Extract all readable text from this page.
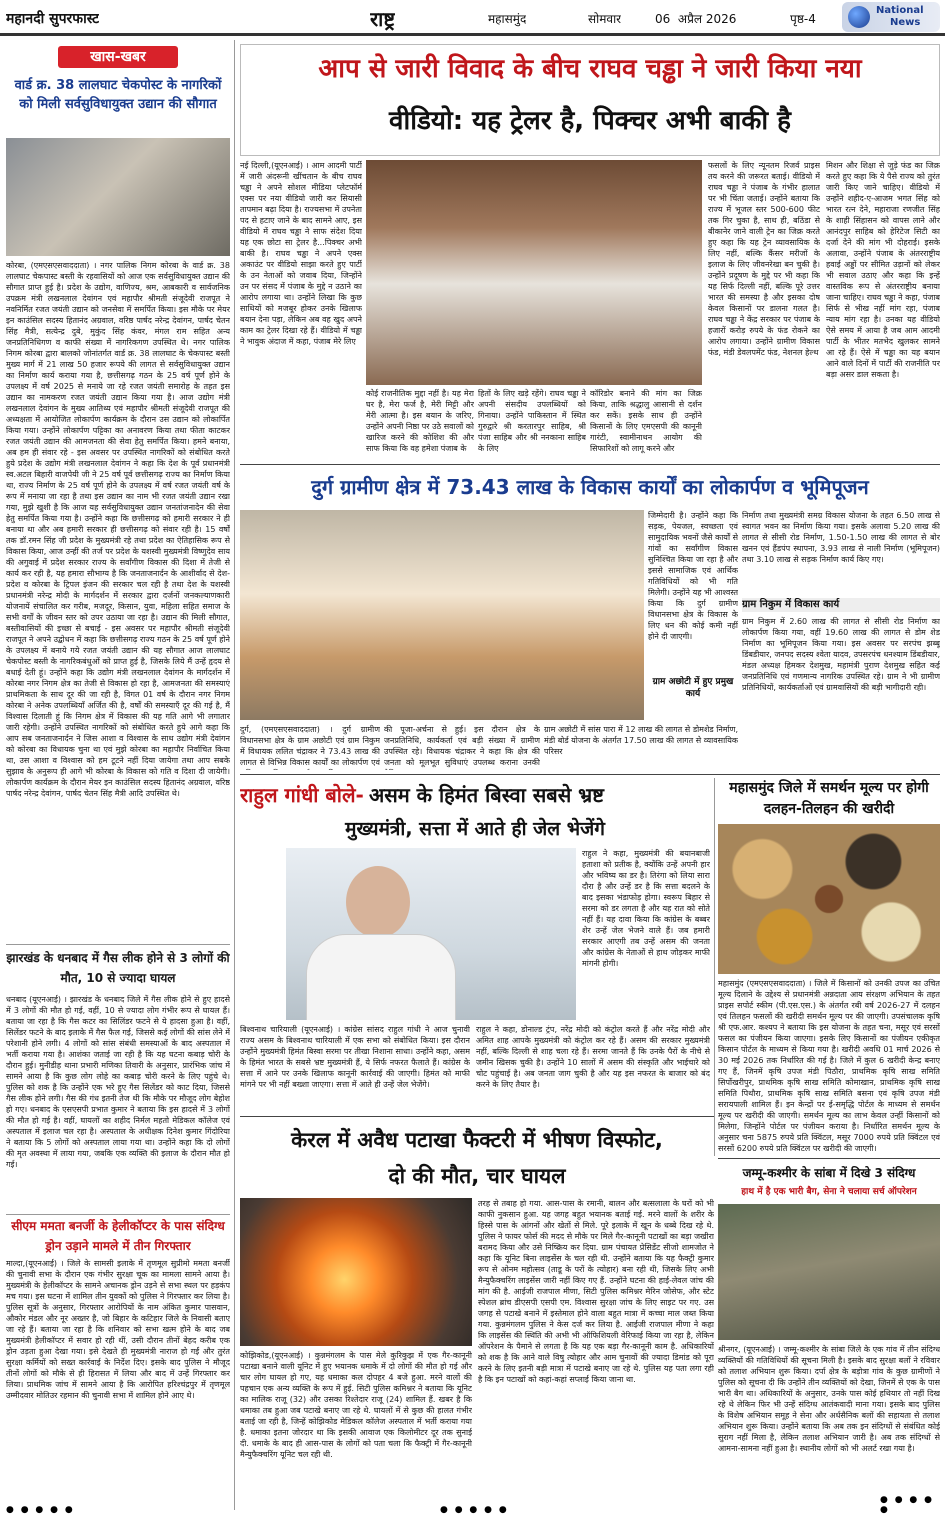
महानदी सुपरफास्ट	राष्ट्र	महासमुंद	सोमवार	06  अप्रैल 2026	पृष्ठ-4
National
News
खास-खबर
वार्ड क्र. 38 लालघाट चेकपोस्ट के नागरिकों को मिली सर्वसुविधायुक्त उद्यान की सौगात
कोरबा, (एमएसएसवाददाता) । नगर पालिक निगम कोरबा के वार्ड क्र. 38 लालघाट चेकपास्ट बस्ती के रहवासियों को आज एक सर्वसुविधायुक्त उद्यान की सौगात प्राप्त हुई है। प्रदेश के उद्योग, वाणिज्य, श्रम, आबकारी व सार्वजनिक उपक्रम मंत्री लखनलाल देवांगन एवं महापौर श्रीमती संजूदेवी राजपूत ने नवनिर्मित रजत जयंती उद्यान को जनसेवा में समर्पित किया। इस मौके पर मेयर इन काउंसिल सदस्य हितानंद अग्रवाल, वरिष्ठ पार्षद नरेन्द्र देवांगन, पार्षद चेतन सिंह मैत्री, सत्येन्द्र दुबे, मुकुंद सिंह कंवर, मंगल राम सहित अन्य जनप्रतिनिधिगण व काफी संख्या में नागरिकगण उपस्थित थे। नगर पालिक निगम कोरबा द्वारा बालको जोनांतर्गत वार्ड क्र. 38 लालघाट के चेकपास्ट बस्ती मुख्य मार्ग में 21 लाख 50 हजार रूपये की लागत से सर्वसुविधायुक्त उद्यान का निर्माण कार्य कराया गया है, छत्तीसगढ़ गठन के 25 वर्ष पूर्ण होने के उपलक्ष्य में वर्ष 2025 से मनाये जा रहे रजत जयंती समारोह के तहत इस उद्यान का नामकरण रजत जयंती उद्यान किया गया है। आज उद्योग मंत्री लखनलाल देवांगन के मुख्य आतिथ्य एवं महापौर श्रीमती संजूदेवी राजपूत की अध्यक्षता में आयोजित लोकार्पण कार्यक्रम के दौरान उस उद्यान को लोकार्पित किया गया। उन्होंने लोकार्पण पट्टिका का अनावरण किया तथा फीता काटकर रजत जयंती उद्यान की आमजनता की सेवा हेतु समर्पित किया। हमने बनाया, अब हम ही संवार रहे - इस अवसर पर उपस्थित नागरिकों को संबोधित करते हुये प्रदेश के उद्योग मंत्री लखनलाल देवांगन ने कहा कि देश के पूर्व प्रधानमंत्री स्व.अटल बिहारी वाजपेयी जी ने 25 वर्ष पूर्व छत्तीसगढ़ राज्य का निर्माण किया था, राज्य निर्माण के 25 वर्ष पूर्ण होने के उपलक्ष्य में वर्ष रजत जयंती वर्ष के रूप में मनाया जा रहा है तथा इस उद्यान का नाम भी रजत जयंती उद्यान रखा गया, मुझे खुशी है कि आज यह सर्वसुविधायुक्त उद्यान जनतांजनादेन की सेवा हेतु समर्पित किया गया है। उन्होंने कहा कि छत्तीसगढ़ को हमारी सरकार ने ही बनाया था और अब हमारी सरकार ही छत्तीसगढ़ को संवार रही है। 15 वर्षों तक डॉ.रमन सिंह जी प्रदेश के मुख्यमंत्री रहे तथा प्रदेश का ऐतिहासिक रूप से विकास किया, आज उन्हीं की तर्ज पर प्रदेश के यशस्वी मुख्यमंत्री विष्णुदेव साय की अगुवाई में प्रदेश सरकार राज्य के सर्वांगीण विकास की दिशा में तेजी से कार्य कर रही है, यह हमारा सौभाग्य है कि जनताजनार्दन के आशीर्वाद से देश-प्रदेश व कोरबा के ट्रिपल इंजन की सरकार चल रही है तथा देश के यशस्वी प्रधानमंत्री नरेन्द्र मोदी के मार्गदर्शन में सरकार द्वारा दर्जनों जनकल्याणकारी योजनायें संचालित कर गरीब, मजदूर, किसान, युवा, महिला सहित समाज के सभी वर्गों के जीवन स्तर को उपर उठाया जा रहा है। उद्यान की मिली सौगात, बस्तीवासियों की इच्छा से बचाई - इस अवसर पर महापौर श्रीमती संजूदेवी राजपूत ने अपने उद्बोधन में कहा कि छत्तीसगढ़ राज्य गठन के 25 वर्ष पूर्ण होने के उपलक्ष्य में बनाये गये रजत जयंती उद्यान की यह सौगात आज लालघाट चेकपोस्ट बस्ती के नागरिकबंधुओं को प्राप्त हुई है, जिसके लिये मैं उन्हें हृदय से बधाई देती हूं। उन्होंने कहा कि उद्योग मंत्री लखनलाल देवांगन के मार्गदर्शन में कोरबा नगर निगम क्षेत्र का तेजी से विकास हो रहा है, आमजनता की समस्याएं प्राथमिकता के साथ दूर की जा रही है, विगत 01 वर्ष के दौरान नगर निगम कोरबा ने अनेक उपलब्धियाँ अर्जित की है, वर्षों की समस्याएँ दूर की गई है, मैं विश्वास दिलाती हूं कि निगम क्षेत्र में विकास की यह गति आगे भी लगातार जारी रहेगी। उन्होंने उपस्थित नागरिकों को संबोधित करते हुये आगे कहा कि आप सब जनताजनार्दन ने जिस आशा व विश्वास के साथ उद्योग मंत्री देवांगन को कोरबा का विधायक चुना था एवं मुझे कोरबा का महापौर निर्वाचित किया था, उस आशा व विश्वास को हम टूटने नहीं दिया जायेगा तथा आप सबके सुझाव के अनुरूप ही आगे भी कोरबा के विकास को गति व दिशा दी जायेगी। लोकार्पण कार्यक्रम के दौरान मेयर इन काउंसिल सदस्य हितानंद अग्रवाल, वरिष्ठ पार्षद नरेन्द्र देवांगन, पार्षद चेतन सिंह मैत्री आदि उपस्थित थे।
झारखंड के धनबाद में गैस लीक होने से 3 लोगों की मौत, 10 से ज्यादा घायल
धनबाद (यूएनआई) । झारखंड के धनबाद जिले में गैस लीक होने से हुए हादसे में 3 लोगों की मौत हो गई, वहीं, 10 से ज्यादा लोग गंभीर रूप से घायल हैं। बताया जा रहा है कि गैस कटर का सिलिंडर फटने से ये हादसा हुआ है। वहीं, सिलेंडर फटने के बाद इलाके में गैस फैल गई, जिससे कई लोगों की सांस लेने में परेशानी होने लगी। 4 लोगों को सांस संबंधी समस्याओं के बाद अस्पताल में भर्ती कराया गया है। आशंका जताई जा रही है कि यह घटना कबाड़ चोरी के दौरान हुई। मुनीडीह थाना प्रभारी मणिका तिवारी के अनुसार, प्रारंभिक जांच में सामने आया है कि कुछ लोग लोहे का कबाड़ चोरी करने के लिए पहुंचे थे। पुलिस को शक है कि उन्होंने एक भरे हुए गैस सिलेंडर को काट दिया, जिससे गैस लीक होने लगी। गैस की गंध इतनी तेज थी कि मौके पर मौजूद लोग बेहोश हो गए। धनबाद के एसएसपी प्रभात कुमार ने बताया कि इस हादसे में 3 लोगों की मौत हो गई है। वहीं, घायलों का शहीद निर्मल महतो मेडिकल कॉलेज एवं अस्पताल में इलाज चल रहा है। अस्पताल के अधीक्षक दिनेश कुमार गिंदोरिया ने बताया कि 5 लोगों को अस्पताल लाया गया था। उन्होंने कहा कि दो लोगों की मृत अवस्था में लाया गया, जबकि एक व्यक्ति की इलाज के दौरान मौत हो गई।
सीएम ममता बनर्जी के हेलीकॉप्टर के पास संदिग्ध ड्रोन उड़ाने मामले में तीन गिरफ्तार
माल्दा,(यूएनआई) । जिले के सामसी इलाके में तृणमूल सुप्रीमो ममता बनर्जी की चुनावी सभा के दौरान एक गंभीर सुरक्षा चूक का मामला सामने आया है। मुख्यमंत्री के हेलीकॉप्टर के सामने अचानक ड्रोन उड़ने से सभा स्थल पर हड़कंप मच गया। इस घटना में शामिल तीन युवकों को पुलिस ने गिरफ्तार कर लिया है। पुलिस सूत्रों के अनुसार, गिरफ्तार आरोपियों के नाम अंकित कुमार पासवान, औकोर मंडल और नूर अख्तर है, जो बिहार के कटिहार जिले के निवासी बताए जा रहे हैं। बताया जा रहा है कि शनिवार को सभा खत्म होने के बाद जब मुख्यमंत्री हेलीकॉप्टर में सवार हो रही थीं, उसी दौरान तीनों बेहद करीब एक ड्रोन उड़ता हुआ देखा गया। इसे देखते ही मुख्यमंत्री नाराज हो गईं और तुरंत सुरक्षा कर्मियों को सख्त कार्रवाई के निर्देश दिए। इसके बाद पुलिस ने मौजूद तीनों लोगों को मौके से ही हिरासत में लिया और बाद में उन्हें गिरफ्तार कर लिया। प्राथमिक जांच में सामने आया है कि आरोपित हरिश्चंद्रपुर में तृणमूल उम्मीदवार मोतिउर रहमान की चुनावी सभा में शामिल होने आए थे।
आप से जारी विवाद के बीच राघव चड्ढा ने जारी किया नया
वीडियो: यह ट्रेलर है, पिक्चर अभी बाकी है
नई दिल्ली,(यूएनआई) । आम आदमी पार्टी में जारी अंदरूनी खींचतान के बीच राघव चड्ढा ने अपने सोशल मीडिया प्लेटफॉर्म एक्स पर नया वीडियो जारी कर सियासी तापमान बढ़ा दिया है। राज्यसभा में उपनेता पद से हटाए जाने के बाद सामने आए, इस वीडियो में राघव चड्ढा ने साफ संदेश दिया यह एक छोटा सा ट्रेलर है...पिक्चर अभी बाकी है। राघव चड्ढा ने अपने एक्स अकाउंट पर वीडियो साझा करते हुए पार्टी के उन नेताओं को जवाब दिया, जिन्होंने उन पर संसद में पंजाब के मुद्दे न उठाने का आरोप लगाया था। उन्होंने लिखा कि कुछ साथियों को मजबूर होकर उनके खिलाफ बयान देना पड़ा, लेकिन अब वह खुद अपने काम का ट्रेलर दिखा रहे हैं। वीडियो में चड्ढा ने भावुक अंदाज में कहा, पंजाब मेरे लिए
कोई राजनीतिक मुद्दा नहीं है। यह मेरा घर है, मेरा फर्ज है, मेरी मिट्टी और मेरी आत्मा है। इस बयान के जरिए, उन्होंने अपनी निष्ठा पर उठे सवालों को खारिज करने की कोशिश की और साफ किया कि वह हमेशा पंजाब के
हितों के लिए खड़े रहेंगे। राघव चड्ढा ने अपनी संसदीय उपलब्धियों को गिनाया। उन्होंने पाकिस्तान में स्थित गुरुद्वारे श्री करतारपुर साहिब, श्री पंजा साहिब और श्री ननकाना साहिब के लिए
कॉरिडोर बनाने की मांग का जिक्र किया, ताकि श्रद्धालु आसानी से दर्शन कर सकें। इसके साथ ही उन्होंने किसानों के लिए एमएसपी की कानूनी गारंटी, स्वामीनाथन आयोग की सिफारिशों को लागू करने और
फसलों के लिए न्यूनतम रिजर्व प्राइस तय करने की जरूरत बताई। वीडियो में राघव चड्ढा ने पंजाब के गंभीर हालात पर भी चिंता जताई। उन्होंने बताया कि राज्य में भूजल स्तर 500-600 फीट तक गिर चुका है, साथ ही, बठिंडा से बीकानेर जाने वाली ट्रेन का जिक्र करते हुए कहा कि यह ट्रेन व्यावसायिक के लिए नहीं, बल्कि कैंसर मरीजों के इलाज के लिए जीवनरेखा बन चुकी है। उन्होंने प्रदूषण के मुद्दे पर भी कहा कि यह सिर्फ दिल्ली नहीं, बल्कि पूरे उत्तर भारत की समस्या है और इसका दोष केवल किसानों पर डालना गलत है। राघव चड्ढा ने केंद्र सरकार पर पंजाब के हजारों करोड़ रुपये के फंड रोकने का आरोप लगाया। उन्होंने ग्रामीण विकास फंड, मंडी डेवलपमेंट फंड, नेशनल हेल्थ
मिशन और शिक्षा से जुड़े फंड का जिक्र करते हुए कहा कि ये पैसे राज्य को तुरंत जारी किए जाने चाहिए। वीडियो में उन्होंने शहीद-ए-आजम भगत सिंह को भारत रत्न देने, महाराजा रणजीत सिंह के शाही सिंहासन को वापस लाने और आनंदपुर साहिब को हेरिटेज सिटी का दर्जा देने की मांग भी दोहराई। इसके अलावा, उन्होंने पंजाब के अंतरराष्ट्रीय हवाई अड्डों पर सीमित उड़ानों को लेकर भी सवाल उठाए और कहा कि इन्हें वास्तविक रूप से अंतरराष्ट्रीय बनाया जाना चाहिए। राघव चड्ढा ने कहा, पंजाब सिर्फ से भीख नहीं मांग रहा, पंजाब न्याय मांग रहा है। उनका यह वीडियो ऐसे समय में आया है जब आम आदमी पार्टी के भीतर मतभेद खुलकर सामने आ रहे हैं। ऐसे में चड्ढा का यह बयान आने वाले दिनों में पार्टी की राजनीति पर बड़ा असर डाल सकता है।
दुर्ग ग्रामीण क्षेत्र में 73.43 लाख के विकास कार्यों का लोकार्पण व भूमिपूजन
जिम्मेदारी है। उन्होंने कहा कि सड़क, पेयजल, स्वच्छता एवं सामुदायिक भवनों जैसे कार्यों से गांवों का सर्वांगीण विकास सुनिश्चित किया जा रहा है और इससे सामाजिक एवं आर्थिक गतिविधियों को भी गति मिलेगी। उन्होंने यह भी आश्वस्त किया कि दुर्ग ग्रामीण विधानसभा क्षेत्र के विकास के लिए धन की कोई कमी नहीं होने दी जाएगी।
ग्राम अछोटी में हुए प्रमुख कार्य
निर्माण तथा मुख्यमंत्री समग्र विकास योजना के तहत 6.50 लाख से स्वागत भवन का निर्माण किया गया। इसके अलावा 5.20 लाख की लागत से सीसी रोड निर्माण, 1.50-1.50 लाख की लागत से बोर खनन एवं हैंडपंप स्थापना, 3.93 लाख से नाली निर्माण (भूमिपूजन) तथा 3.10 लाख से सड़क निर्माण कार्य किए गए।
ग्राम निकुम में विकास कार्य
ग्राम निकुम में 2.60 लाख की लागत से सीसी रोड निर्माण का लोकार्पण किया गया, वहीं 19.60 लाख की लागत से डोम शेड निर्माण का भूमिपूजन किया गया। इस अवसर पर सरपंच झब्बू डिंबडीयार, जनपद सदस्य श्वेता यादव, उपसरपंच धनश्याम डिंबडीयार, मंडल अध्यक्ष हिमकर देशमुख, महामंत्री पुराण देशमुख सहित कई जनप्रतिनिधि एवं गणमान्य नागरिक उपस्थित रहे। ग्राम ने भी ग्रामीण प्रतिनिधियों, कार्यकर्ताओं एवं ग्रामवासियों की बड़ी भागीदारी रही।
दुर्ग, (एमएसएसवाददाता) । दुर्ग ग्रामीण विधानसभा क्षेत्र के ग्राम अछोटी एवं ग्राम निकुम में विधायक ललित चंद्राकर ने 73.43 लाख की लागत से विभिन्न विकास कार्यों का लोकार्पण एवं
की पूजा-अर्चना से हुई। इस दौरान क्षेत्र के जनप्रतिनिधि, कार्यकर्ता एवं बड़ी संख्या में ग्रामीण उपस्थित रहे। विधायक चंद्राकर ने कहा कि क्षेत्र की जनता को मूलभूत सुविधाएं उपलब्ध कराना उनकी
ग्राम अछोटी में सांस पारा में 12 लाख की लागत से डोमशेड निर्माण, मंडी बोर्ड योजना के अंतर्गत 17.50 लाख की लागत से व्यावसायिक परिसर
राहुल गांधी बोले- असम के हिमंत बिस्वा सबसे भ्रष्ट
मुख्यमंत्री, सत्ता में आते ही जेल भेजेंगे
राहुल ने कहा, मुख्यमंत्री की बयानबाजी हताशा को प्रतीक है, क्योंकि उन्हें अपनी हार और भविष्य का डर है। तिरंगा को लिया सारा दौरा है और उन्हें डर है कि सत्ता बदलने के बाद इसका भंडाफोड़ होगा। स्वरूप बिहार से सरमा को डर लगता है और यह रात को सोते नहीं हैं। यह दावा किया कि कांग्रेस के बब्बर शेर उन्हें जेल भेजने वाले हैं। जब हमारी सरकार आएगी तब उन्हें असम की जनता और कांग्रेस के नेताओं से हाथ जोड़कर माफी मांगनी होगी।
बिश्वनाथ चारियाली (यूएनआई) । कांग्रेस सांसद राहुल गांधी ने आज चुनावी राज्य असम के बिश्वनाथ चारियाली में एक सभा को संबोधित किया। इस दौरान उन्होंने मुख्यमंत्री हिमंत बिस्वा सरमा पर तीखा निशाना साधा। उन्होंने कहा, असम के हिमंत भारत के सबसे भ्रष्ट मुख्यमंत्री हैं, ये सिर्फ नफरत फैलाते हैं। कांग्रेस के सत्ता में आने पर उनके खिलाफ कानूनी कार्रवाई की जाएगी। हिमंत को माफी मांगने पर भी नहीं बख्शा जाएगा। सत्ता में आते ही उन्हें जेल भेजेंगे।
राहुल ने कहा, डोनाल्ड ट्रंप, नरेंद्र मोदी को कंट्रोल करते हैं और नरेंद्र मोदी और अमित शाह आपके मुख्यमंत्री को कंट्रोल कर रहे हैं। असम की सरकार मुख्यमंत्री नहीं, बल्कि दिल्ली से शाह चला रहे हैं। सरमा जानते हैं कि उनके पैरों के नीचे से जमीन खिसक चुकी है। उन्होंने 10 सालों में असम की संस्कृति और भाईचारे को चोट पहुंचाई है। अब जनता जाग चुकी है और यह इस नफरत के बाजार को बंद करने के लिए तैयार है।
महासमुंद जिले में समर्थन मूल्य पर होगी दलहन-तिलहन की खरीदी
महासमुंद (एमएसएसवाददाता) । जिले में किसानों को उनकी उपज का उचित मूल्य दिलाने के उद्देश्य से प्रधानमंत्री अन्नदाता आय संरक्षण अभियान के तहत प्राइस सपोर्ट स्कीम (पी.एस.एस.) के अंतर्गत रबी वर्ष 2026-27 में दलहन एवं तिलहन फसलों की खरीदी समर्थन मूल्य पर की जाएगी। उपसंचालक कृषि श्री एफ.आर. कश्यप ने बताया कि इस योजना के तहत चना, मसूर एवं सरसों फसल का पंजीयन किया जाएगा। इसके लिए किसानों का पंजीयन एकीकृत किसान पोर्टल के माध्यम से किया गया है। खरीदी अवधि 01 मार्च 2026 से 30 मई 2026 तक निर्धारित की गई है। जिले में कुल 6 खरीदी केन्द्र बनाए गए हैं, जिनमें कृषि उपज मंडी पिठौरा, प्राथमिक कृषि साख समिति सिर्पोखरीपुर, प्राथमिक कृषि साख समिति कोमाखान, प्राथमिक कृषि साख समिति पिथौरा, प्राथमिक कृषि साख समिति बसना एवं कृषि उपज मंडी सरायपाली शामिल हैं। इन केन्द्रों पर ई-समृद्धि पोर्टल के माध्यम से समर्थन मूल्य पर खरीदी की जाएगी। समर्थन मूल्य का लाभ केवल उन्हीं किसानों को मिलेगा, जिन्होंने पोर्टल पर पंजीयन कराया है। निर्धारित समर्थन मूल्य के अनुसार चना 5875 रुपये प्रति क्विंटल, मसूर 7000 रुपये प्रति क्विंटल एवं सरसों 6200 रुपये प्रति क्विंटल पर खरीदी की जाएगी।
केरल में अवैध पटाखा फैक्टरी में भीषण विस्फोट,
दो की मौत, चार घायल
तरह से तबाह हो गया. आस-पास के रमानी, बालन और बत्सलाला के घरों को भी काफी नुकसान हुआ. यह जगह बहुत भयानक बताई गई. मरने वालों के शरीर के हिस्से पास के आंगनों और खेतों से मिले. पूरे इलाके में खून के धब्बे दिख रहे थे. पुलिस ने फायर फोर्स की मदद से मौके पर मिले गैर-कानूनी पटाखों का बड़ा जखीरा बरामद किया और उसे निष्क्रिय कर दिया. ग्राम पंचायत प्रेसिडेंट सीजो शामजोत ने कहा कि यूनिट बिना लाइसेंस के चल रही थी. उन्होंने बताया कि यह फैक्ट्री कुमार रूप से ओनम महोत्सव (ताडू के परों के त्योहार) बना रही थी, जिसके लिए अभी मैन्युफैक्चरिंग लाइसेंस जारी नहीं किए गए हैं. उन्होंने घटना की हाई-लेवल जांच की मांग की है. आईजी राजपाल मीणा, सिटी पुलिस कमिश्नर मेरिन जोसेफ, और स्टेट स्पेशल ब्रांच डीएसपी एसपी एम. विश्वास सुरक्षा जांच के लिए साइट पर गए. उस जगह से पटाखे बनाने में इस्तेमाल होने वाला बहुत मात्रा में कच्चा माल जब्त किया गया. कुन्नमंगलम पुलिस ने केस दर्ज कर लिया है. आईजी राजपाल मीणा ने कहा कि लाइसेंस की स्थिति की अभी भी ऑफिशियली वेरिफाई किया जा रहा है, लेकिन ऑपरेशन के पैमाने से लगता है कि यह एक बड़ा गैर-कानूनी काम है. अधिकारियों को शक है कि आने वाले विषु त्योहार और आम चुनावों की ज्यादा डिमांड को पूरा करने के लिए इतनी बड़ी मात्रा में पटाखे बनाए जा रहे थे. पुलिस यह पता लगा रही है कि इन पटाखों को कहां-कहां सप्लाई किया जाना था.
कोझिकोड,(यूएनआई) । कुन्नमंगलम के पास मेले कुरिकुझ में एक गैर-कानूनी पटाखा बनाने वाली यूनिट में हुए भयानक धमाके में दो लोगों की मौत हो गई और चार लोग घायल हो गए, यह धमाका कल दोपहर 4 बजे हुआ. मरने वालों की पहचान एक अन्य व्यक्ति के रूप में हुई. सिटी पुलिस कमिश्नर ने बताया कि यूनिट का मालिक राजू (32) और उसका रिश्तेदार राजू (24) शामिल हैं. खबर है कि धमाका तब हुआ जब पटाखे बनाए जा रहे थे. घायलों में से कुछ की हालत गंभीर बताई जा रही है, जिन्हें कोझिकोड मेडिकल कॉलेज अस्पताल में भर्ती कराया गया है. धमाका इतना जोरदार था कि इसकी आवाज एक किलोमीटर दूर तक सुनाई दी. धमाके के बाद ही आस-पास के लोगों को पता चला कि फैक्ट्री में गैर-कानूनी मैन्युफैक्चरिंग यूनिट चल रही थी.
जम्मू-कश्मीर के सांबा में दिखे 3 संदिग्ध
हाथ में है एक भारी बैग, सेना ने चलाया सर्च ऑपरेशन
श्रीनगर, (यूएनआई) । जम्मू-कश्मीर के सांबा जिले के एक गांव में तीन संदिग्ध व्यक्तियों की गतिविधियों की सूचना मिली है। इसके बाद सुरक्षा बलों ने रविवार को तलाश अभियान शुरू किया। दर्पा क्षेत्र के बड़ोत्रा गांव के कुछ ग्रामीणों ने पुलिस को सूचना दी कि उन्होंने तीन व्यक्तियों को देखा, जिनमें से एक के पास भारी बैग था। अधिकारियों के अनुसार, उनके पास कोई हथियार तो नहीं दिख रहे थे लेकिन फिर भी उन्हें संदिग्ध आतंकवादी माना गया। इसके बाद पुलिस के विशेष अभियान समूह ने सेना और अर्धसैनिक बलों की सहायता से तलाश अभियान शुरू किया। उन्होंने बताया कि अब तक इन संदिग्धों से संबंधित कोई सुराग नहीं मिला है, लेकिन तलाश अभियान जारी है। अब तक संदिग्धों से आमना-सामना नहीं हुआ है। स्थानीय लोगों को भी अलर्ट रखा गया है।
● ● ● ● ●	● ● ● ● ●
● ● ● ● ●
